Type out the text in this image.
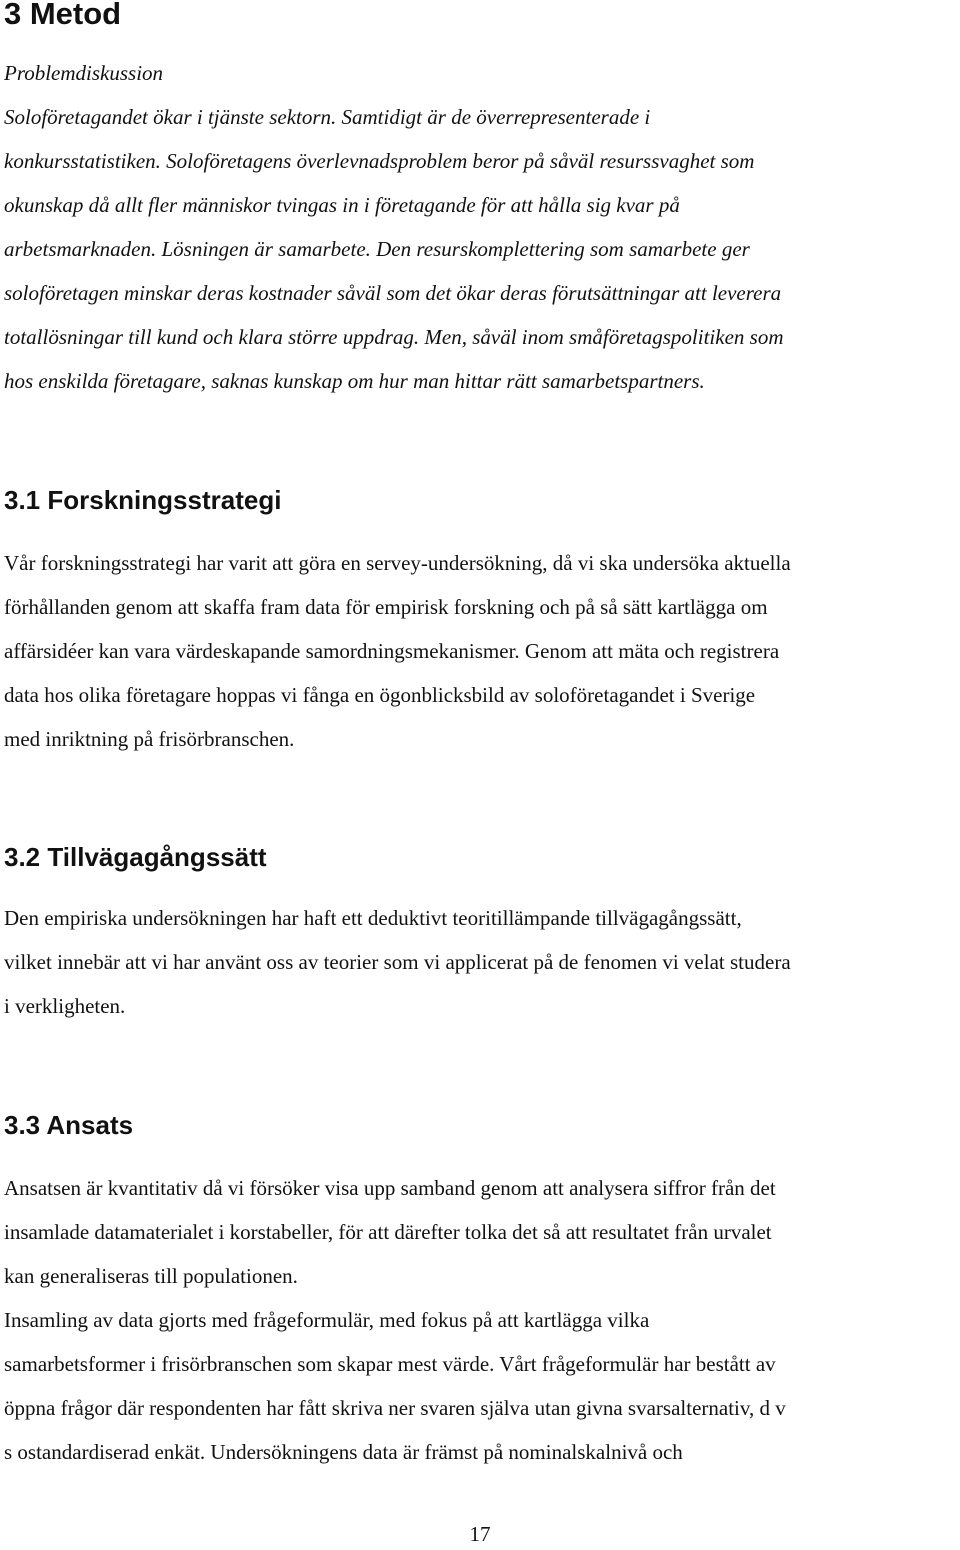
3 Metod
Problemdiskussion
Soloföretagandet ökar i tjänste sektorn. Samtidigt är de överrepresenterade i
konkursstatistiken. Soloföretagens överlevnadsproblem beror på såväl resurssvaghet som
okunskap då allt fler människor tvingas in i företagande för att hålla sig kvar på
arbetsmarknaden. Lösningen är samarbete. Den resurskomplettering som samarbete ger
soloföretagen minskar deras kostnader såväl som det ökar deras förutsättningar att leverera
totallösningar till kund och klara större uppdrag. Men, såväl inom småföretagspolitiken som
hos enskilda företagare, saknas kunskap om hur man hittar rätt samarbetspartners.
3.1 Forskningsstrategi
Vår forskningsstrategi har varit att göra en servey-undersökning, då vi ska undersöka aktuella
förhållanden genom att skaffa fram data för empirisk forskning och på så sätt kartlägga om
affärsidéer kan vara värdeskapande samordningsmekanismer. Genom att mäta och registrera
data hos olika företagare hoppas vi fånga en ögonblicksbild av soloföretagandet i Sverige
med inriktning på frisörbranschen.
3.2 Tillvägagångssätt
Den empiriska undersökningen har haft ett deduktivt teoritillämpande tillvägagångssätt,
vilket innebär att vi har använt oss av teorier som vi applicerat på de fenomen vi velat studera
i verkligheten.
3.3 Ansats
Ansatsen är kvantitativ då vi försöker visa upp samband genom att analysera siffror från det
insamlade datamaterialet i korstabeller, för att därefter tolka det så att resultatet från urvalet
kan generaliseras till populationen.
Insamling av data gjorts med frågeformulär, med fokus på att kartlägga vilka
samarbetsformer i frisörbranschen som skapar mest värde. Vårt frågeformulär har bestått av
öppna frågor där respondenten har fått skriva ner svaren själva utan givna svarsalternativ, d v
s ostandardiserad enkät. Undersökningens data är främst på nominalskalnivå och
17
